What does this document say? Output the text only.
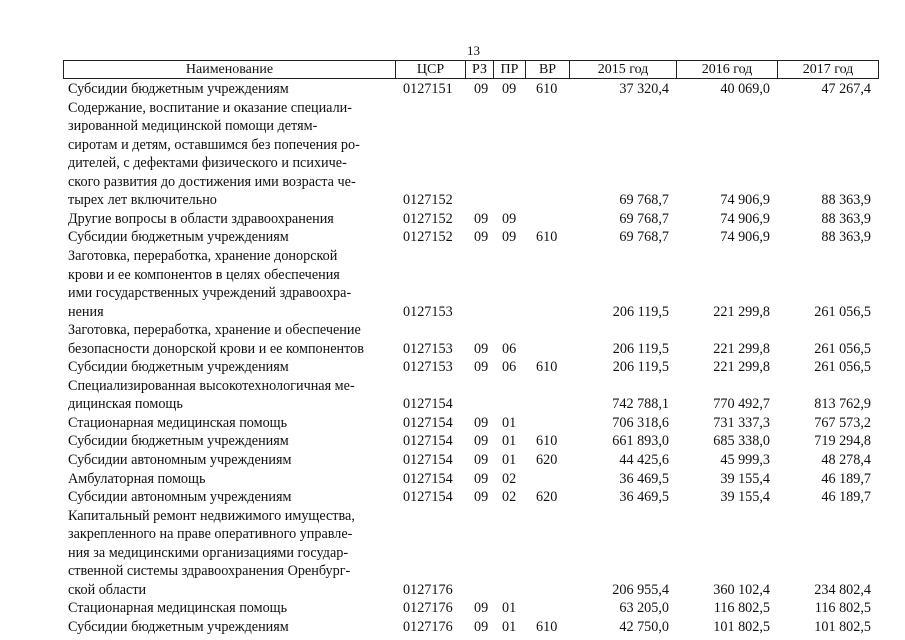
13
Наименование	ЦСР	РЗ	ПР	ВР	2015 год	2016 год	2017 год
Субсидии бюджетным учреждениям	0127151 09 09 610	37 320,4	40 069,0	47 267,4
Содержание, воспитание и оказание специали-
зированной медицинской помощи детям-
сиротам и детям, оставшимся без попечения ро-
дителей, с дефектами физического и психиче-
ского развития до достижения ими возраста че-
тырех лет включительно	0127152	69 768,7	74 906,9	88 363,9
Другие вопросы в области здравоохранения	0127152 09 09	69 768,7	74 906,9	88 363,9
Субсидии бюджетным учреждениям	0127152 09 09 610	69 768,7	74 906,9	88 363,9
Заготовка, переработка, хранение донорской
крови и ее компонентов в целях обеспечения
ими государственных учреждений здравоохра-
нения	0127153	206 119,5	221 299,8	261 056,5
Заготовка, переработка, хранение и обеспечение
безопасности донорской крови и ее компонентов	0127153 09 06	206 119,5	221 299,8	261 056,5
Субсидии бюджетным учреждениям	0127153 09 06 610	206 119,5	221 299,8	261 056,5
Специализированная высокотехнологичная ме-
дицинская помощь	0127154	742 788,1	770 492,7	813 762,9
Стационарная медицинская помощь	0127154 09 01	706 318,6	731 337,3	767 573,2
Субсидии бюджетным учреждениям	0127154 09 01 610	661 893,0	685 338,0	719 294,8
Субсидии автономным учреждениям	0127154 09 01 620	44 425,6	45 999,3	48 278,4
Амбулаторная помощь	0127154 09 02	36 469,5	39 155,4	46 189,7
Субсидии автономным учреждениям	0127154 09 02 620	36 469,5	39 155,4	46 189,7
Капитальный ремонт недвижимого имущества,
закрепленного на праве оперативного управле-
ния за медицинскими организациями государ-
ственной системы здравоохранения Оренбург-
ской области	0127176	206 955,4	360 102,4	234 802,4
Стационарная медицинская помощь	0127176 09 01	63 205,0	116 802,5	116 802,5
Субсидии бюджетным учреждениям	0127176 09 01 610	42 750,0	101 802,5	101 802,5
